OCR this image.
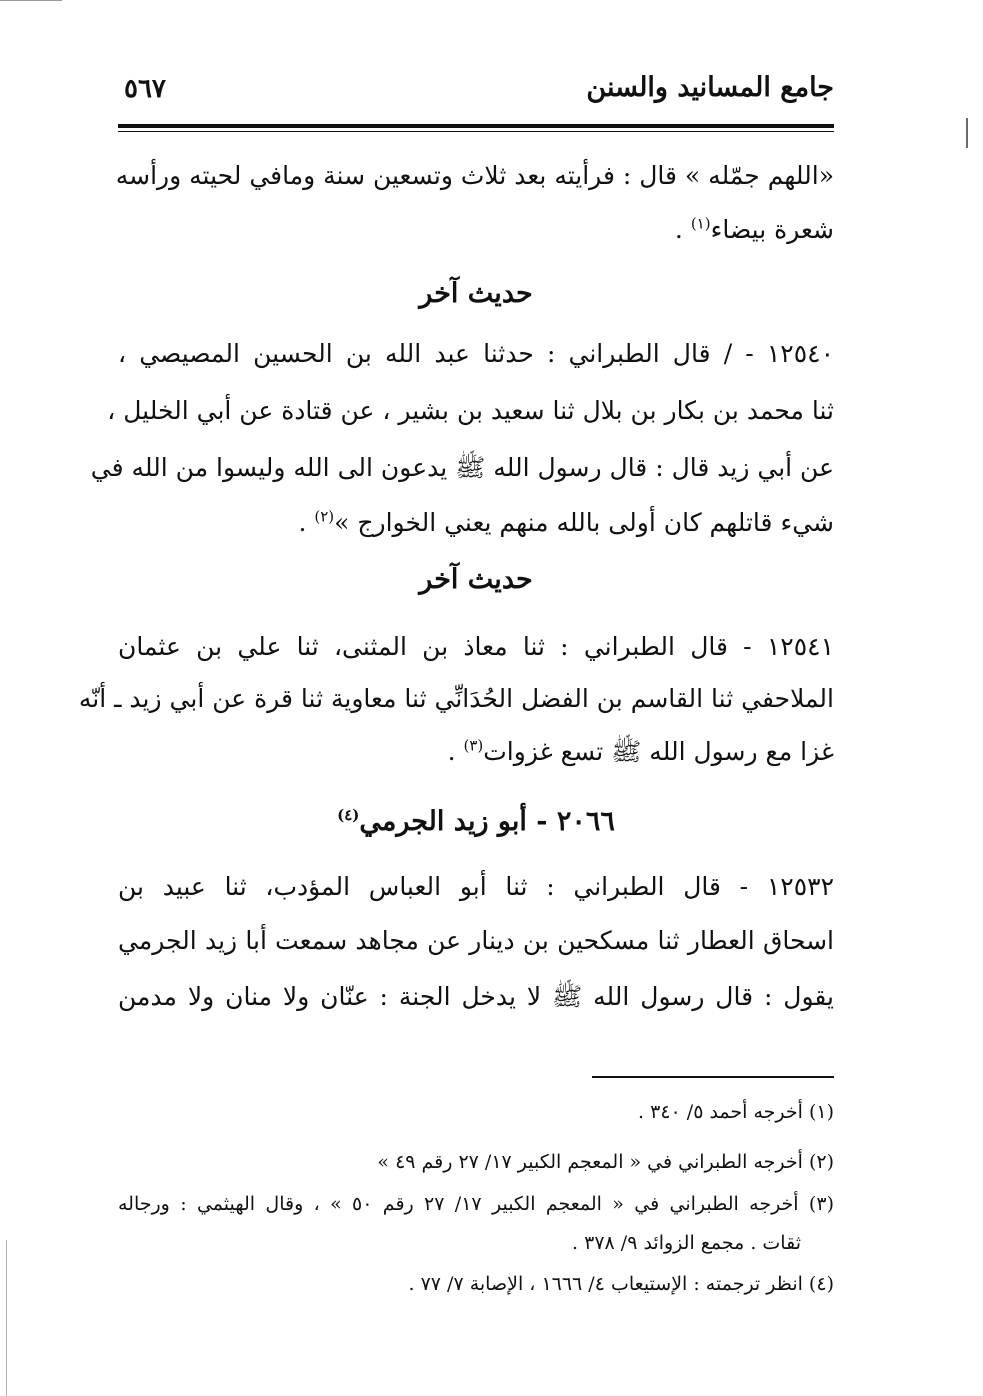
جامع المسانيد والسنن
٥٦٧
«اللهم جمّله » قال : فرأيته بعد ثلاث وتسعين سنة ومافي لحيته ورأسه
شعرة بيضاء$^{(١)}$ .
حديث آخر
١٢٥٤٠ - / قال الطبراني : حدثنا عبد الله بن الحسين المصيصي ،
ثنا محمد بن بكار بن بلال ثنا سعيد بن بشير ، عن قتادة عن أبي الخليل ،
عن أبي زيد قال : قال رسول الله ﷺ يدعون الى الله وليسوا من الله في
شيء قاتلهم كان أولى بالله منهم يعني الخوارج »$^{(٢)}$ .
حديث آخر
١٢٥٤١ - قال الطبراني : ثنا معاذ بن المثنى، ثنا علي بن عثمان
الملاحفي ثنا القاسم بن الفضل الحُدَانِّي ثنا معاوية ثنا قرة عن أبي زيد ـ أنّه
غزا مع رسول الله ﷺ تسع غزوات$^{(٣)}$ .
٢٠٦٦ - أبو زيد الجرمي$^{(٤)}$
١٢٥٣٢ - قال الطبراني : ثنا أبو العباس المؤدب، ثنا عبيد بن
اسحاق العطار ثنا مسكحين بن دينار عن مجاهد سمعت أبا زيد الجرمي
يقول : قال رسول الله ﷺ لا يدخل الجنة : عنّان ولا منان ولا مدمن
(١) أخرجه أحمد ٥/ ٣٤٠ .
(٢) أخرجه الطبراني في « المعجم الكبير ١٧/ ٢٧ رقم ٤٩ »
(٣) أخرجه الطبراني في « المعجم الكبير ١٧/ ٢٧ رقم ٥٠ » ، وقال الهيثمي : ورجاله
ثقات . مجمع الزوائد ٩/ ٣٧٨ .
(٤) انظر ترجمته : الإستيعاب ٤/ ١٦٦٦ ، الإصابة ٧/ ٧٧ .
